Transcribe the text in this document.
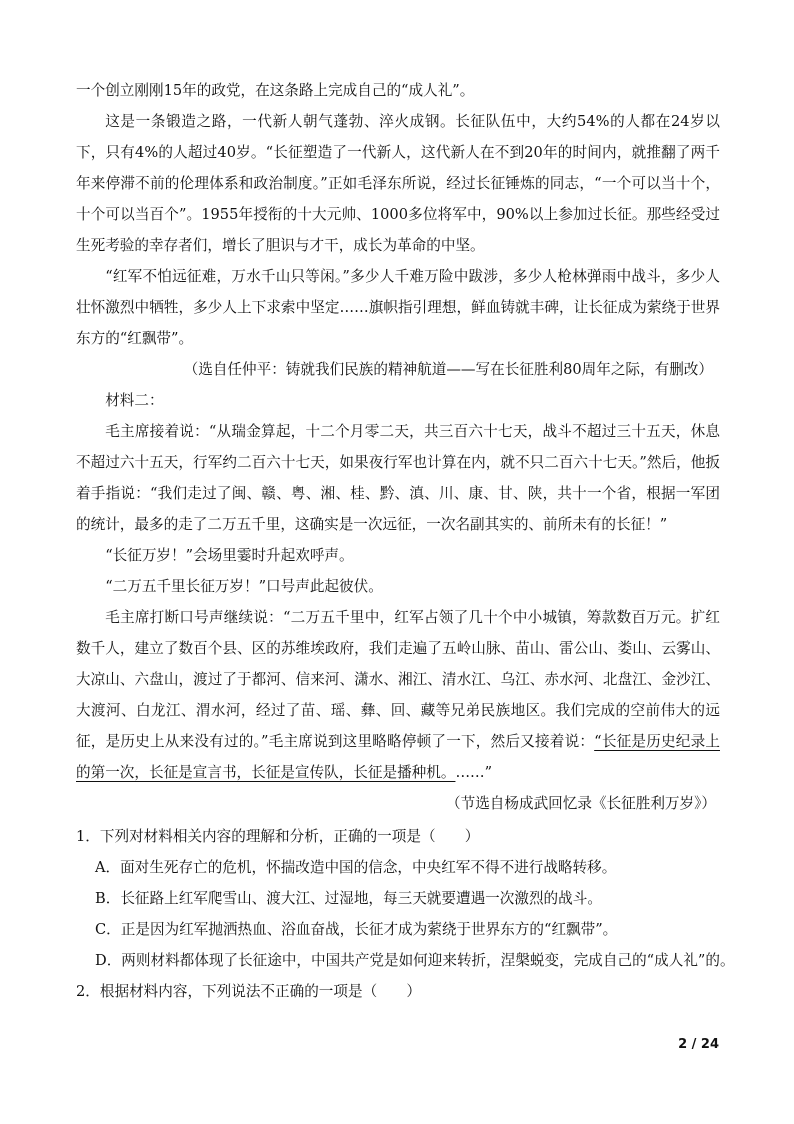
一个创立刚刚15年的政党，在这条路上完成自己的“成人礼”。

这是一条锻造之路，一代新人朝气蓬勃、淬火成钢。长征队伍中，大约54%的人都在24岁以下，只有4%的人超过40岁。“长征塑造了一代新人，这代新人在不到20年的时间内，就推翻了两千年来停滞不前的伦理体系和政治制度。”正如毛泽东所说，经过长征锤炼的同志，“一个可以当十个，十个可以当百个”。1955年授衔的十大元帅、1000多位将军中，90%以上参加过长征。那些经受过生死考验的幸存者们，增长了胆识与才干，成长为革命的中坚。

“红军不怕远征难，万水千山只等闲。”多少人千难万险中跋涉，多少人枪林弹雨中战斗，多少人壮怀激烈中牺牲，多少人上下求索中坚定……旗帜指引理想，鲜血铸就丰碑，让长征成为萦绕于世界东方的“红飘带”。

（选自任仲平：铸就我们民族的精神航道——写在长征胜利80周年之际，有删改）

材料二：

毛主席接着说：“从瑞金算起，十二个月零二天，共三百六十七天，战斗不超过三十五天，休息不超过六十五天，行军约二百六十七天，如果夜行军也计算在内，就不只二百六十七天。”然后，他扳着手指说：“我们走过了闽、赣、粤、湘、桂、黔、滇、川、康、甘、陕，共十一个省，根据一军团的统计，最多的走了二万五千里，这确实是一次远征，一次名副其实的、前所未有的长征！”

“长征万岁！”会场里霎时升起欢呼声。

“二万五千里长征万岁！”口号声此起彼伏。

毛主席打断口号声继续说：“二万五千里中，红军占领了几十个中小城镇，筹款数百万元。扩红数千人，建立了数百个县、区的苏维埃政府，我们走遍了五岭山脉、苗山、雷公山、娄山、云雾山、大凉山、六盘山，渡过了于都河、信来河、潇水、湘江、清水江、乌江、赤水河、北盘江、金沙江、大渡河、白龙江、渭水河，经过了苗、瑶、彝、回、藏等兄弟民族地区。我们完成的空前伟大的远征，是历史上从来没有过的。”毛主席说到这里略略停顿了一下，然后又接着说：“长征是历史纪录上的第一次，长征是宣言书，长征是宣传队，长征是播种机。……”

（节选自杨成武回忆录《长征胜利万岁》）

1．下列对材料相关内容的理解和分析，正确的一项是（　　）

A．面对生死存亡的危机，怀揣改造中国的信念，中央红军不得不进行战略转移。

B．长征路上红军爬雪山、渡大江、过湿地，每三天就要遭遇一次激烈的战斗。

C．正是因为红军抛洒热血、浴血奋战，长征才成为萦绕于世界东方的“红飘带”。

D．两则材料都体现了长征途中，中国共产党是如何迎来转折，涅槃蜕变，完成自己的“成人礼”的。

2．根据材料内容，下列说法不正确的一项是（　　）

2 / 24
